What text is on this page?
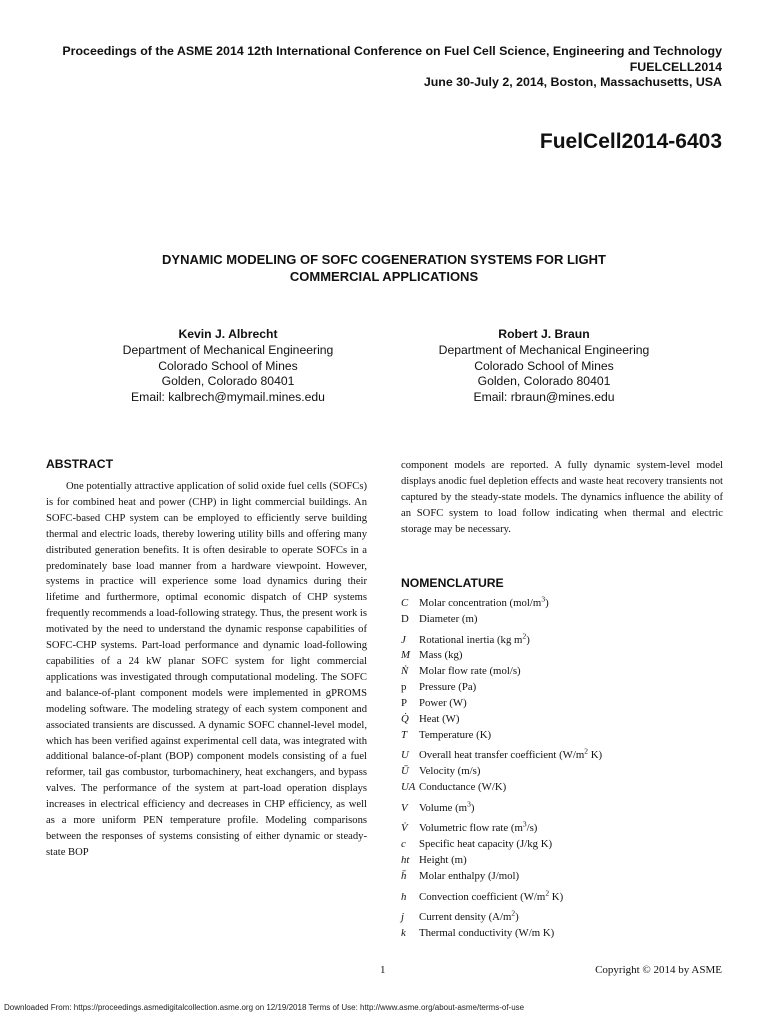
Proceedings of the ASME 2014 12th International Conference on Fuel Cell Science, Engineering and Technology
FUELCELL2014
June 30-July 2, 2014, Boston, Massachusetts, USA
FuelCell2014-6403
DYNAMIC MODELING OF SOFC COGENERATION SYSTEMS FOR LIGHT
COMMERCIAL APPLICATIONS
Kevin J. Albrecht
Department of Mechanical Engineering
Colorado School of Mines
Golden, Colorado 80401
Email: kalbrech@mymail.mines.edu
Robert J. Braun
Department of Mechanical Engineering
Colorado School of Mines
Golden, Colorado 80401
Email: rbraun@mines.edu
ABSTRACT

One potentially attractive application of solid oxide fuel cells (SOFCs) is for combined heat and power (CHP) in light commercial buildings. An SOFC-based CHP system can be employed to efficiently serve building thermal and electric loads, thereby lowering utility bills and offering many distributed generation benefits. It is often desirable to operate SOFCs in a predominately base load manner from a hardware viewpoint. However, systems in practice will experience some load dynamics during their lifetime and furthermore, optimal economic dispatch of CHP systems frequently recommends a load-following strategy. Thus, the present work is motivated by the need to understand the dynamic response capabilities of SOFC-CHP systems. Part-load performance and dynamic load-following capabilities of a 24 kW planar SOFC system for light commercial applications was investigated through computational modeling. The SOFC and balance-of-plant component models were implemented in gPROMS modeling software. The modeling strategy of each system component and associated transients are discussed. A dynamic SOFC channel-level model, which has been verified against experimental cell data, was integrated with additional balance-of-plant (BOP) component models consisting of a fuel reformer, tail gas combustor, turbomachinery, heat exchangers, and bypass valves. The performance of the system at part-load operation displays increases in electrical efficiency and decreases in CHP efficiency, as well as a more uniform PEN temperature profile. Modeling comparisons between the responses of systems consisting of either dynamic or steady-state BOP

component models are reported. A fully dynamic system-level model displays anodic fuel depletion effects and waste heat recovery transients not captured by the steady-state models. The dynamics influence the ability of an SOFC system to load follow indicating when thermal and electric storage may be necessary.

NOMENCLATURE
C Molar concentration $(mol/m^3)$
D Diameter (m)
J Rotational inertia (kg $m^2$)
M Mass (kg)
Ṅ Molar flow rate (mol/s)
p Pressure (Pa)
P Power (W)
Q̇ Heat (W)
T Temperature (K)
U Overall heat transfer coefficient ($W/m^2$ K)
Ū Velocity (m/s)
UA Conductance (W/K)
V Volume $(m^3)$
V̇ Volumetric flow rate $(m^3/s)$
c Specific heat capacity (J/kg K)
ht Height (m)
h̄ Molar enthalpy (J/mol)
h Convection coefficient ($W/m^2$ K)
j Current density $(A/m^2)$
k Thermal conductivity (W/m K)
1	Copyright © 2014 by ASME
Downloaded From: https://proceedings.asmedigitalcollection.asme.org on 12/19/2018 Terms of Use: http://www.asme.org/about-asme/terms-of-use
